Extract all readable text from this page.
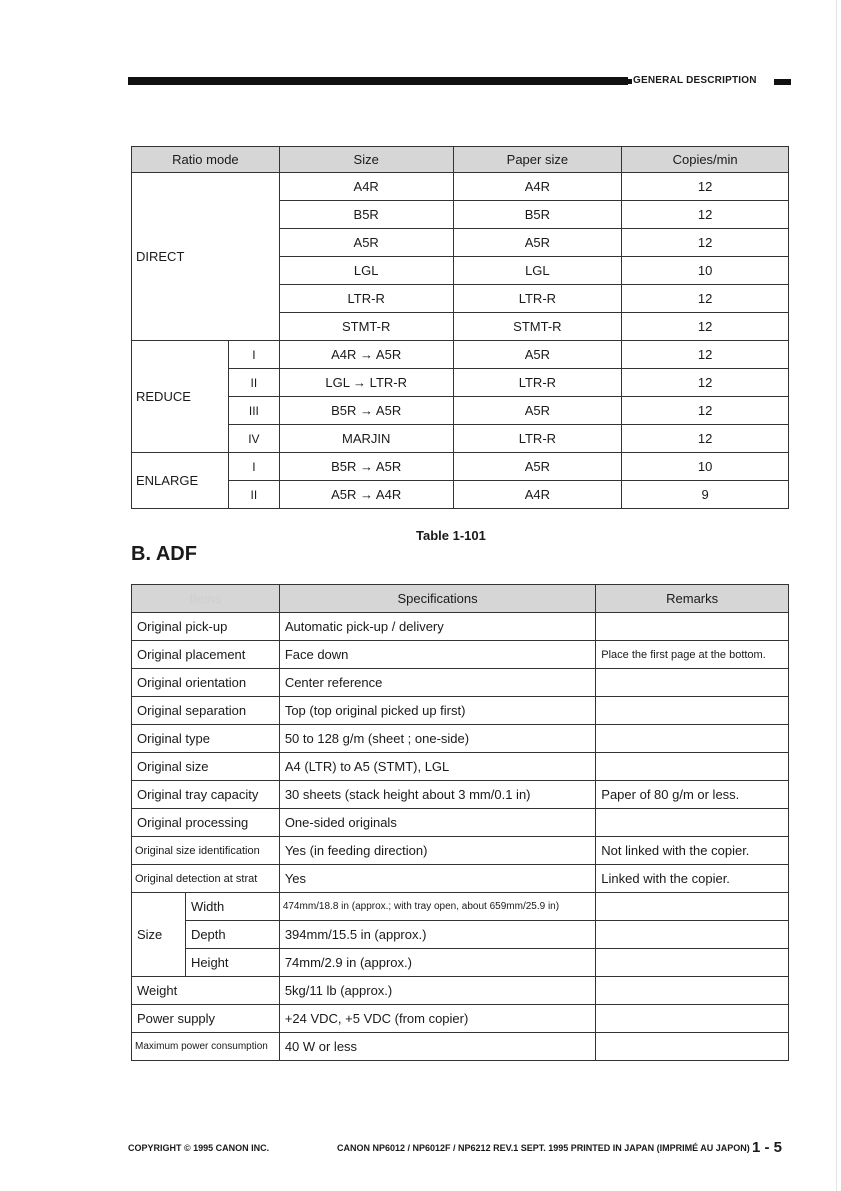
GENERAL DESCRIPTION
Ratio mode		Size	Paper size	Copies/min
DIRECT		A4R	A4R	12
		B5R	B5R	12
		A5R	A5R	12
		LGL	LGL	10
		LTR-R	LTR-R	12
		STMT-R	STMT-R	12
REDUCE	I	A4R → A5R	A5R	12
	II	LGL → LTR-R	LTR-R	12
	III	B5R → A5R	A5R	12
	IV	MARJIN	LTR-R	12
ENLARGE	I	B5R → A5R	A5R	10
	II	A5R → A4R	A4R	9
Table 1-101
B. ADF
Items		Specifications	Remarks
Original pick-up		Automatic pick-up / delivery	
Original placement		Face down	Place the first page at the bottom.
Original orientation		Center reference	
Original separation		Top (top original picked up first)	
Original type		50 to 128 g/m (sheet ; one-side)	
Original size		A4 (LTR) to A5 (STMT), LGL	
Original tray capacity		30 sheets (stack height about 3 mm/0.1 in)	Paper of 80 g/m or less.
Original processing		One-sided originals	
Original size identification		Yes (in feeding direction)	Not linked with the copier.
Original detection at strat		Yes	Linked with the copier.
Size	Width	474mm/18.8 in (approx.; with tray open, about 659mm/25.9 in)	
	Depth	394mm/15.5 in (approx.)	
	Height	74mm/2.9 in (approx.)	
Weight		5kg/11 lb (approx.)	
Power supply		+24 VDC, +5 VDC (from copier)	
Maximum power consumption		40 W or less	
COPYRIGHT © 1995 CANON INC.	CANON NP6012 / NP6012F / NP6212 REV.1 SEPT. 1995 PRINTED IN JAPAN (IMPRIMÉ AU JAPON) 1 - 5
